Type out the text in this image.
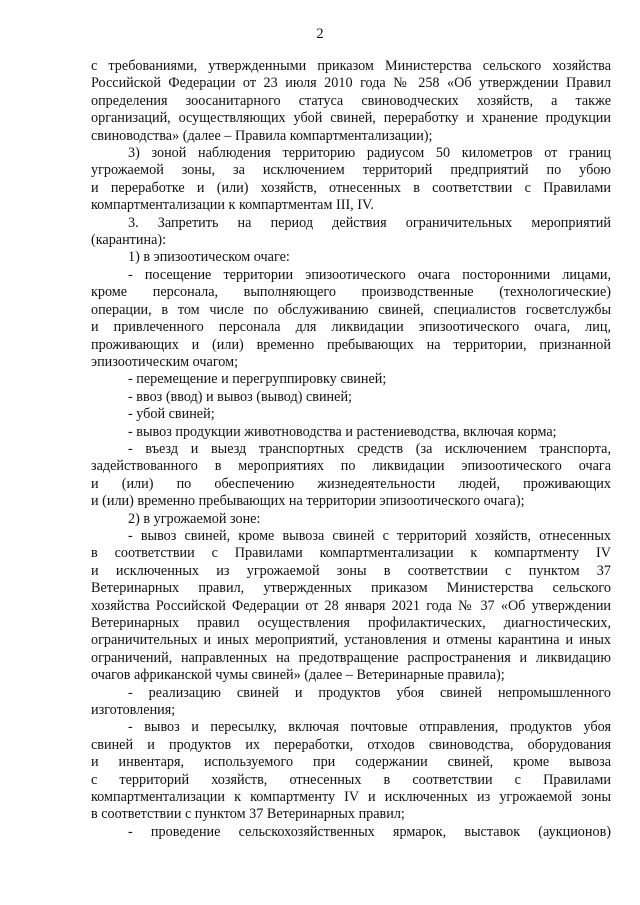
2

с требованиями, утвержденными приказом Министерства сельского хозяйства

Российской Федерации от 23 июля 2010 года № 258 «Об утверждении Правил

определения зоосанитарного статуса свиноводческих хозяйств, а также

организаций, осуществляющих убой свиней, переработку и хранение продукции

свиноводства» (далее – Правила компартментализации);

3) зоной наблюдения территорию радиусом 50 километров от границ

угрожаемой зоны, за исключением территорий предприятий по убою

и переработке и (или) хозяйств, отнесенных в соответствии с Правилами

компартментализации к компартментам III, IV.

3. Запретить на период действия ограничительных мероприятий

(карантина):

1) в эпизоотическом очаге:

- посещение территории эпизоотического очага посторонними лицами,

кроме персонала, выполняющего производственные (технологические)

операции, в том числе по обслуживанию свиней, специалистов госветслужбы

и привлеченного персонала для ликвидации эпизоотического очага, лиц,

проживающих и (или) временно пребывающих на территории, признанной

эпизоотическим очагом;

- перемещение и перегруппировку свиней;

- ввоз (ввод) и вывоз (вывод) свиней;

- убой свиней;

- вывоз продукции животноводства и растениеводства, включая корма;

- въезд и выезд транспортных средств (за исключением транспорта,

задействованного в мероприятиях по ликвидации эпизоотического очага

и (или) по обеспечению жизнедеятельности людей, проживающих

и (или) временно пребывающих на территории эпизоотического очага);

2) в угрожаемой зоне:

- вывоз свиней, кроме вывоза свиней с территорий хозяйств, отнесенных

в соответствии с Правилами компартментализации к компартменту IV

и исключенных из угрожаемой зоны в соответствии с пунктом 37

Ветеринарных правил, утвержденных приказом Министерства сельского

хозяйства Российской Федерации от 28 января 2021 года № 37 «Об утверждении

Ветеринарных правил осуществления профилактических, диагностических,

ограничительных и иных мероприятий, установления и отмены карантина и иных

ограничений, направленных на предотвращение распространения и ликвидацию

очагов африканской чумы свиней» (далее – Ветеринарные правила);

- реализацию свиней и продуктов убоя свиней непромышленного

изготовления;

- вывоз и пересылку, включая почтовые отправления, продуктов убоя

свиней и продуктов их переработки, отходов свиноводства, оборудования

и инвентаря, используемого при содержании свиней, кроме вывоза

с территорий хозяйств, отнесенных в соответствии с Правилами

компартментализации к компартменту IV и исключенных из угрожаемой зоны

в соответствии с пунктом 37 Ветеринарных правил;

- проведение сельскохозяйственных ярмарок, выставок (аукционов)
